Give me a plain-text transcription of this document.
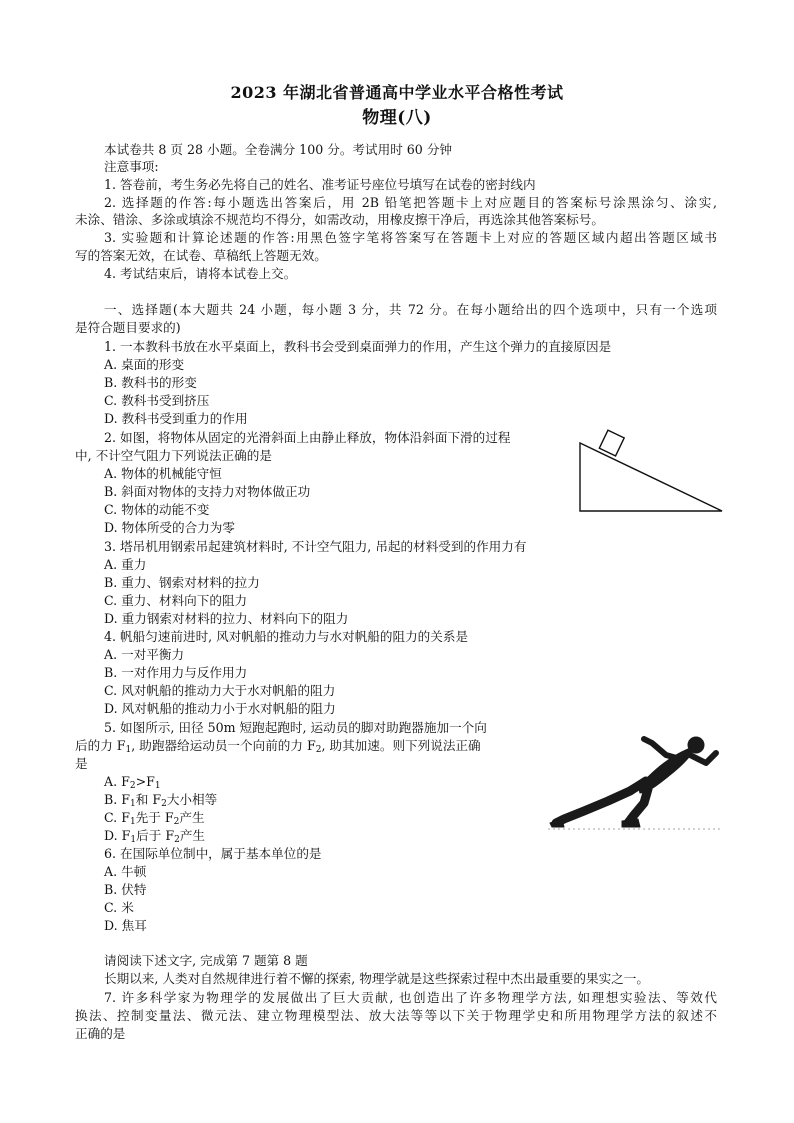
2023 年湖北省普通高中学业水平合格性考试
物理(八)
本试卷共 8 页 28 小题。全卷满分 100 分。考试用时 60 分钟
注意事项:
1. 答卷前，考生务必先将自己的姓名、准考证号座位号填写在试卷的密封线内
2. 选择题的作答:每小题选出答案后，用 2B 铅笔把答题卡上对应题目的答案标号涂黑涂匀、涂实,
未涂、错涂、多涂或填涂不规范均不得分，如需改动，用橡皮擦干净后，再选涂其他答案标号。
3. 实验题和计算论述题的作答:用黑色签字笔将答案写在答题卡上对应的答题区域内超出答题区域书
写的答案无效，在试卷、草稿纸上答题无效。
4. 考试结束后，请将本试卷上交。
一、选择题(本大题共 24 小题，每小题 3 分，共 72 分。在每小题给出的四个选项中，只有一个选项
是符合题目要求的)
1. 一本教科书放在水平桌面上，教科书会受到桌面弹力的作用，产生这个弹力的直接原因是
A. 桌面的形变
B. 教科书的形变
C. 教科书受到挤压
D. 教科书受到重力的作用
2. 如图，将物体从固定的光滑斜面上由静止释放，物体沿斜面下滑的过程
中, 不计空气阻力下列说法正确的是
A. 物体的机械能守恒
B. 斜面对物体的支持力对物体做正功
C. 物体的动能不变
D. 物体所受的合力为零
3. 塔吊机用钢索吊起建筑材料时, 不计空气阻力, 吊起的材料受到的作用力有
A. 重力
B. 重力、钢索对材料的拉力
C. 重力、材料向下的阻力
D. 重力钢索对材料的拉力、材料向下的阻力
4. 帆船匀速前进时, 风对帆船的推动力与水对帆船的阻力的关系是
A. 一对平衡力
B. 一对作用力与反作用力
C. 风对帆船的推动力大于水对帆船的阻力
D. 风对帆船的推动力小于水对帆船的阻力
5. 如图所示, 田径 50m 短跑起跑时, 运动员的脚对助跑器施加一个向
后的力 $F_1$, 助跑器给运动员一个向前的力 $F_2$, 助其加速。则下列说法正确
是
A. $F_2>F_1$
B. $F_1$和 $F_2$大小相等
C. $F_1$先于 $F_2$产生
D. $F_1$后于 $F_2$产生
6. 在国际单位制中，属于基本单位的是
A. 牛顿
B. 伏特
C. 米
D. 焦耳
请阅读下述文字, 完成第 7 题第 8 题
长期以来, 人类对自然规律进行着不懈的探索, 物理学就是这些探索过程中杰出最重要的果实之一。
7. 许多科学家为物理学的发展做出了巨大贡献, 也创造出了许多物理学方法, 如理想实验法、等效代
换法、控制变量法、微元法、建立物理模型法、放大法等等以下关于物理学史和所用物理学方法的叙述不
正确的是
